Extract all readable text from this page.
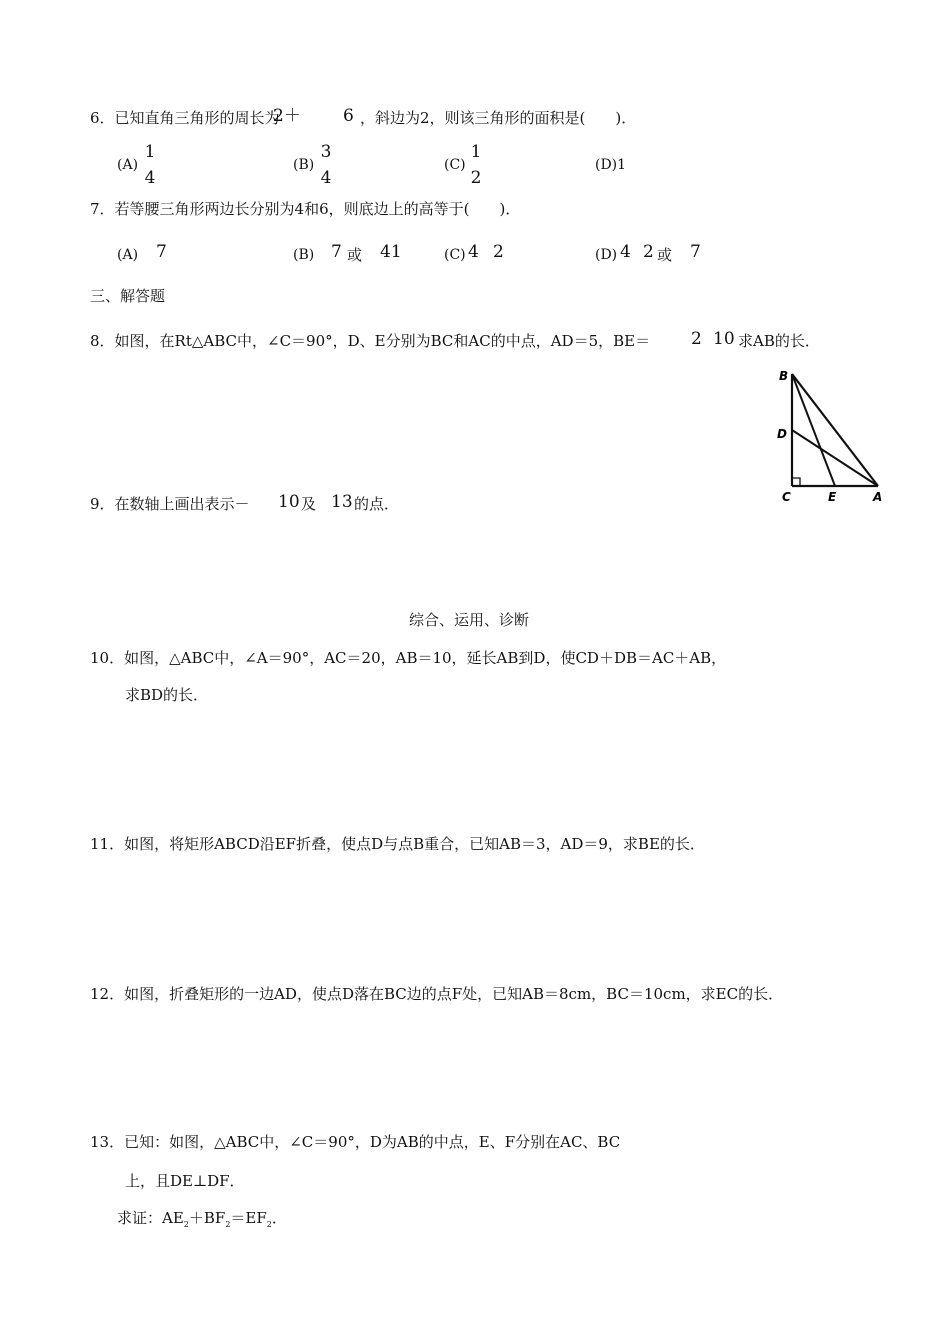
6．已知直角三角形的周长为
2＋ 6 ，斜边为2，则该三角形的面积是(　　)．
(A)
1
4
(B)
3
4
(C)
1
2
(D)1
7．若等腰三角形两边长分别为4和6，则底边上的高等于(　　)．
(A) 7	(B) 7 或 41	(C) 4 2	(D) 4 2 或 7
三、解答题
8．如图，在Rt△ABC中，∠C＝90°，D、E分别为BC和AC的中点，AD＝5，BE＝ 2 10 求AB的长．
B
D
C	E	A
9．在数轴上画出表示－ 10 及 13 的点．
综合、运用、诊断
10．如图，△ABC中，∠A＝90°，AC＝20，AB＝10，延长AB到D，使CD＋DB＝AC＋AB，
求BD的长．
11．如图，将矩形ABCD沿EF折叠，使点D与点B重合，已知AB＝3，AD＝9，求BE的长．
12．如图，折叠矩形的一边AD，使点D落在BC边的点F处，已知AB＝8cm，BC＝10cm，求EC的长．
13．已知：如图，△ABC中，∠C＝90°，D为AB的中点，E、F分别在AC、BC
上，且DE⊥DF．
求证：$AE_2+BF_2=EF_2$．
